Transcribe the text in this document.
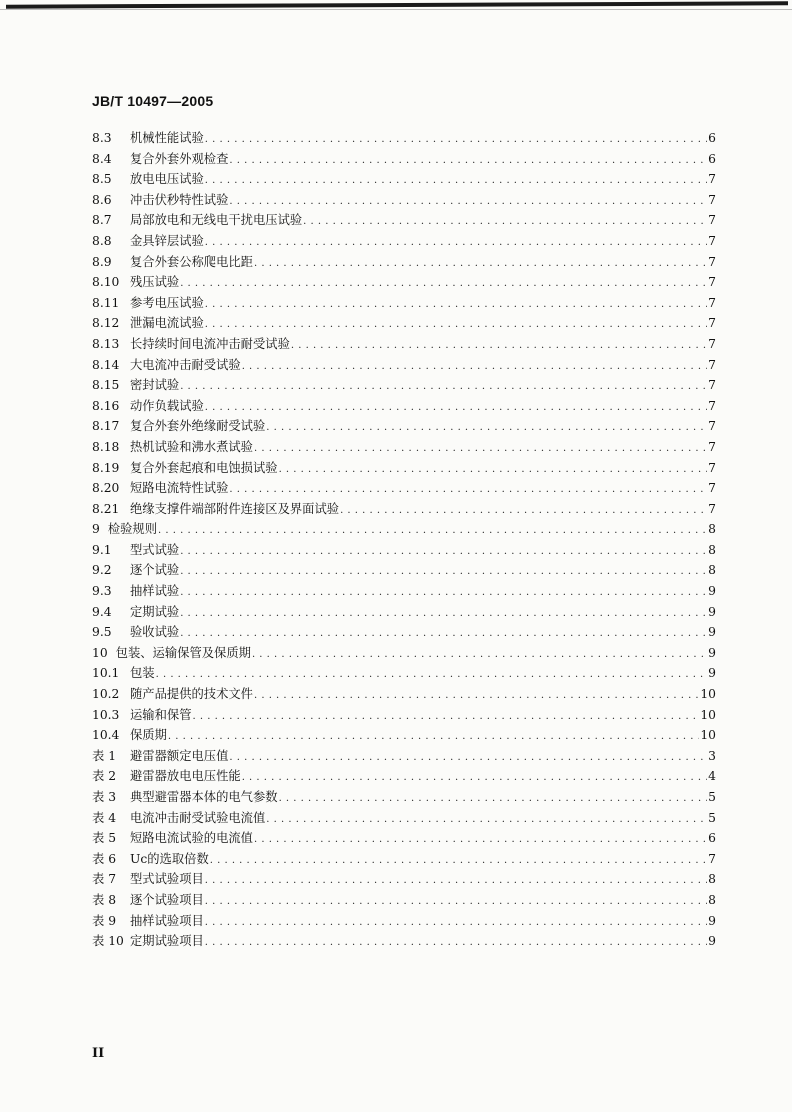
JB/T 10497—2005
8.3	机械性能试验 . . .	6
8.4	复合外套外观检查 . . .	6
8.5	放电电压试验 . . .	7
8.6	冲击伏秒特性试验 . . .	7
8.7	局部放电和无线电干扰电压试验 . . .	7
8.8	金具锌层试验 . . .	7
8.9	复合外套公称爬电比距 . . .	7
8.10 残压试验 . . .	7
8.11 参考电压试验 . . .	7
8.12 泄漏电流试验 . . .	7
8.13 长持续时间电流冲击耐受试验 . . .	7
8.14 大电流冲击耐受试验 . . .	7
8.15 密封试验 . . .	7
8.16 动作负载试验 . . .	7
8.17 复合外套外绝缘耐受试验 . . .	7
8.18 热机试验和沸水煮试验 . . .	7
8.19 复合外套起痕和电蚀损试验 . . .	7
8.20 短路电流特性试验 . . .	7
8.21 绝缘支撑件端部附件连接区及界面试验 . . .	7
9 检验规则 . . .	8
9.1	型式试验 . . .	8
9.2	逐个试验 . . .	8
9.3	抽样试验 . . .	9
9.4	定期试验 . . .	9
9.5	验收试验 . . .	9
10 包装、运输保管及保质期 . . .	9
10.1 包装 . . .	9
10.2 随产品提供的技术文件 . . .	10
10.3 运输和保管 . . .	10
10.4 保质期 . . .	10
表 1	避雷器额定电压值 . . .	3
表 2	避雷器放电电压性能 . . .	4
表 3	典型避雷器本体的电气参数 . . .	5
表 4	电流冲击耐受试验电流值 . . .	5
表 5	短路电流试验的电流值 . . .	6
表 6	Uc的选取倍数 . . .	7
表 7	型式试验项目 . . .	8
表 8	逐个试验项目 . . .	8
表 9	抽样试验项目 . . .	9
表 10 定期试验项目 . . .	9
II
